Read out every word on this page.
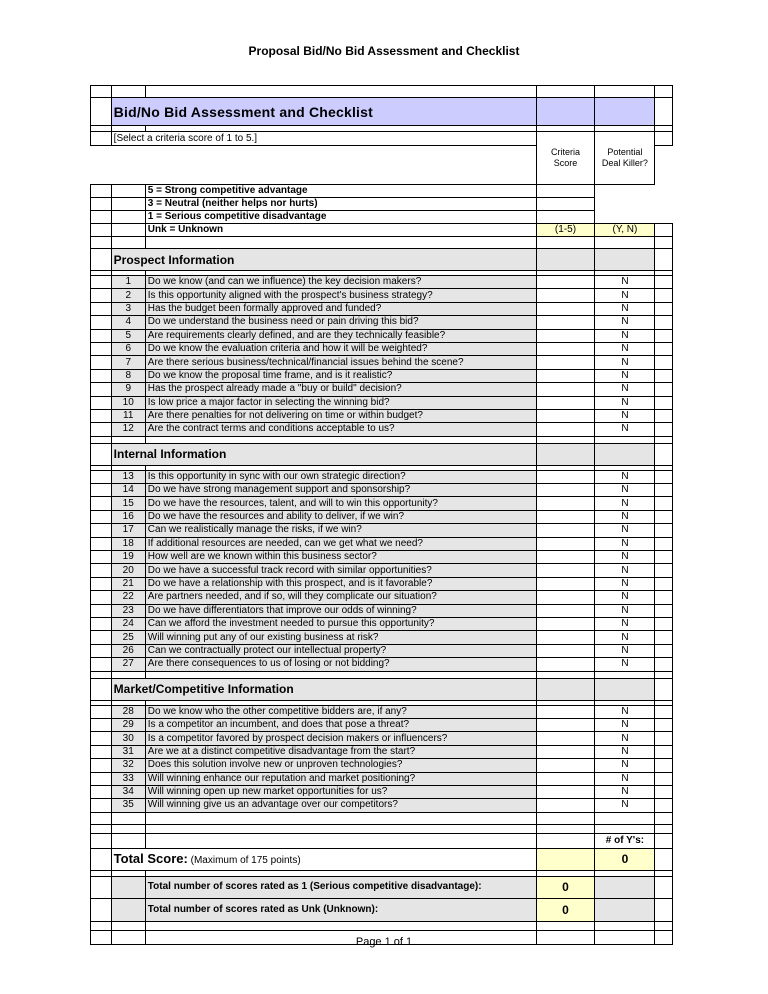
Proposal Bid/No Bid Assessment and Checklist

	Bid/No Bid Assessment and Checklist				

	[Select a criteria score of 1 to 5.]		Criteria Score	Potential Deal Killer?	

		5 = Strong competitive advantage			
		3 = Neutral (neither helps nor hurts)			
		1 = Serious competitive disadvantage			
		Unk = Unknown	(1-5)	(Y, N)	

	Prospect Information				

	1	Do we know (and can we influence) the key decision makers?		N	
	2	Is this opportunity aligned with the prospect's business strategy?		N	
	3	Has the budget been formally approved and funded?		N	
	4	Do we understand the business need or pain driving this bid?		N	
	5	Are requirements clearly defined, and are they technically feasible?		N	
	6	Do we know the evaluation criteria and how it will be weighted?		N	
	7	Are there serious business/technical/financial issues behind the scene?		N	
	8	Do we know the proposal time frame, and is it realistic?		N	
	9	Has the prospect already made a "buy or build" decision?		N	
	10	Is low price a major factor in selecting the winning bid?		N	
	11	Are there penalties for not delivering on time or within budget?		N	
	12	Are the contract terms and conditions acceptable to us?		N	

	Internal Information				

	13	Is this opportunity in sync with our own strategic direction?		N	
	14	Do we have strong management support and sponsorship?		N	
	15	Do we have the resources, talent, and will to win this opportunity?		N	
	16	Do we have the resources and ability to deliver, if we win?		N	
	17	Can we realistically manage the risks, if we win?		N	
	18	If additional resources are needed, can we get what we need?		N	
	19	How well are we known within this business sector?		N	
	20	Do we have a successful track record with similar opportunities?		N	
	21	Do we have a relationship with this prospect, and is it favorable?		N	
	22	Are partners needed, and if so, will they complicate our situation?		N	
	23	Do we have differentiators that improve our odds of winning?		N	
	24	Can we afford the investment needed to pursue this opportunity?		N	
	25	Will winning put any of our existing business at risk?		N	
	26	Can we contractually protect our intellectual property?		N	
	27	Are there consequences to us of losing or not bidding?		N	

	Market/Competitive Information				

	28	Do we know who the other competitive bidders are, if any?		N	
	29	Is a competitor an incumbent, and does that pose a threat?		N	
	30	Is a competitor favored by prospect decision makers or influencers?		N	
	31	Are we at a distinct competitive disadvantage from the start?		N	
	32	Does this solution involve new or unproven technologies?		N	
	33	Will winning enhance our reputation and market positioning?		N	
	34	Will winning open up new market opportunities for us?		N	
	35	Will winning give us an advantage over our competitors?		N	

				# of Y's:	
	Total Score: (Maximum of 175 points)			0	

		Total number of scores rated as 1 (Serious competitive disadvantage):	0		
		Total number of scores rated as Unk (Unknown):	0		

Page 1 of 1
